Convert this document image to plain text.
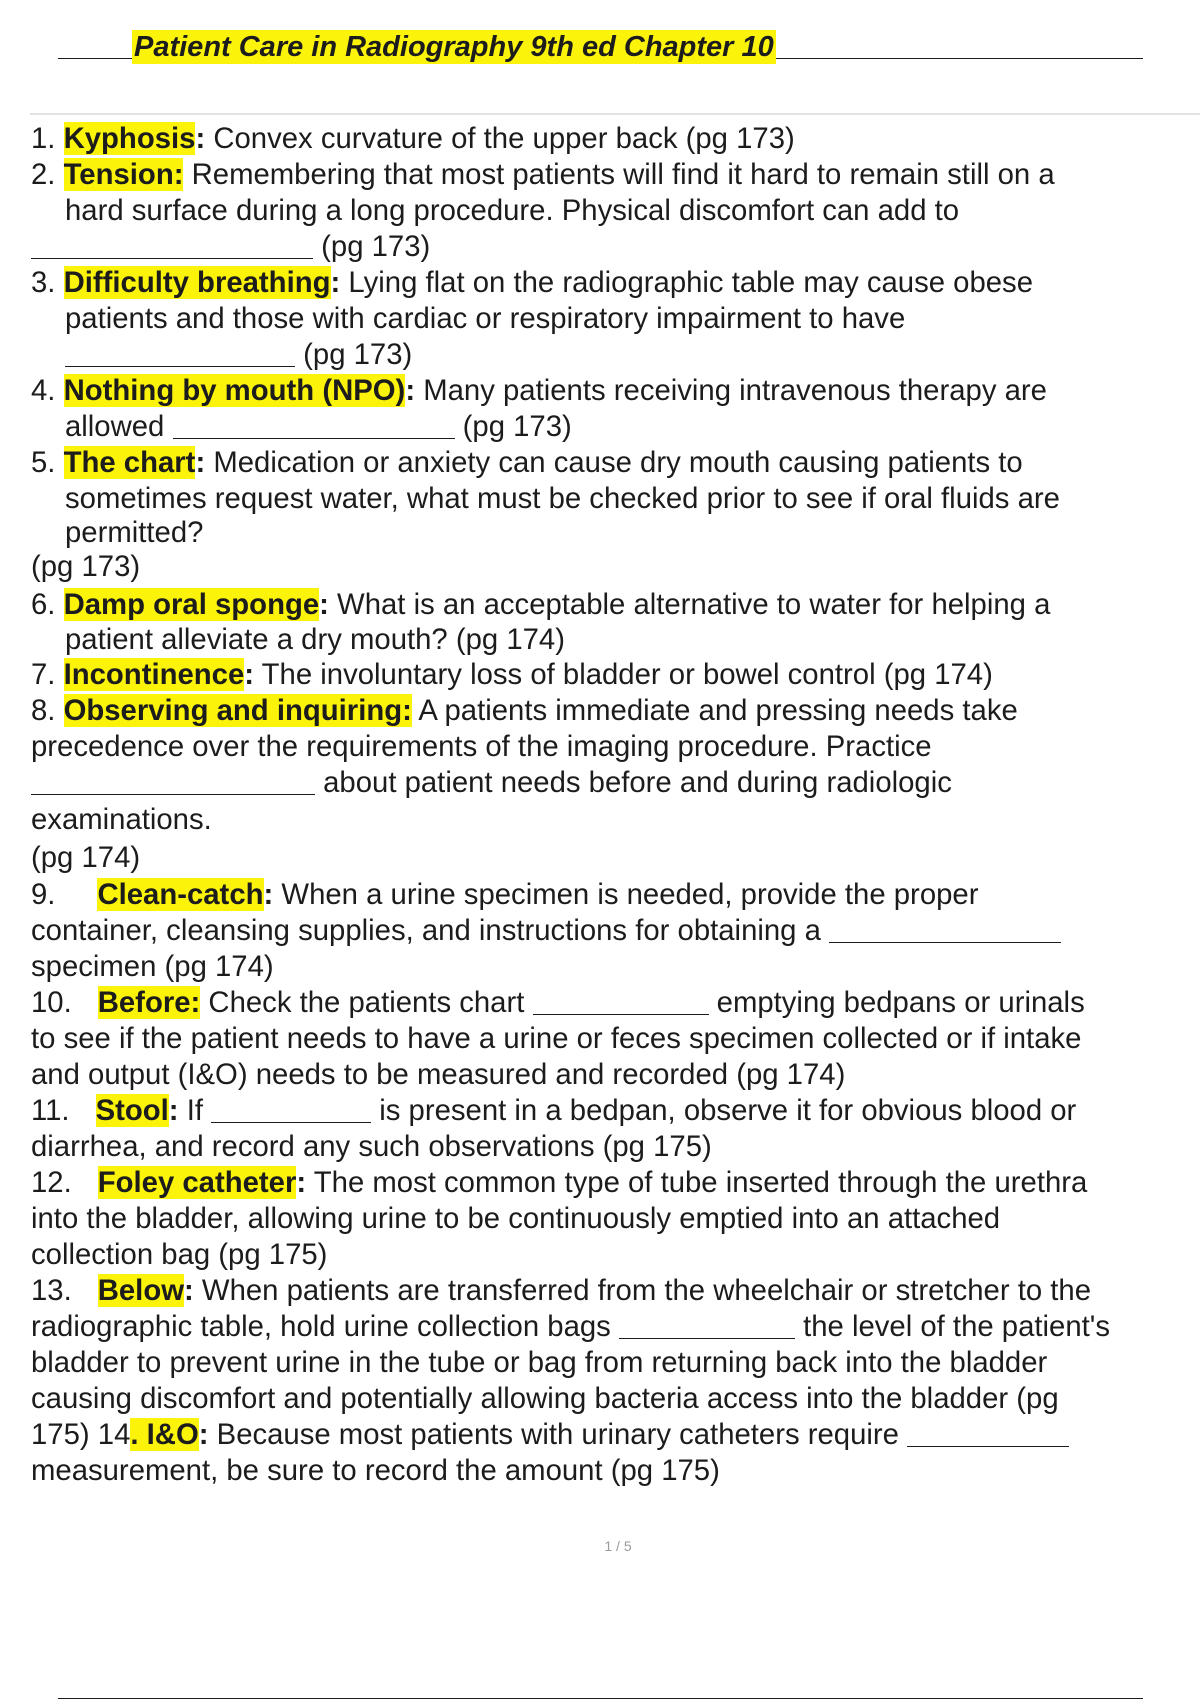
Patient Care in Radiography 9th ed Chapter 10

1. Kyphosis: Convex curvature of the upper back (pg 173)

2. Tension: Remembering that most patients will find it hard to remain still on a

hard surface during a long procedure. Physical discomfort can add to

(pg 173)

3. Difficulty breathing: Lying flat on the radiographic table may cause obese

patients and those with cardiac or respiratory impairment to have

(pg 173)

4. Nothing by mouth (NPO): Many patients receiving intravenous therapy are

allowed	(pg 173)

5. The chart: Medication or anxiety can cause dry mouth causing patients to

sometimes request water, what must be checked prior to see if oral fluids are

permitted?

(pg 173)

6. Damp oral sponge: What is an acceptable alternative to water for helping a

patient alleviate a dry mouth? (pg 174)

7. Incontinence: The involuntary loss of bladder or bowel control (pg 174)

8. Observing and inquiring: A patients immediate and pressing needs take

precedence over the requirements of the imaging procedure. Practice

about patient needs before and during radiologic

examinations.

(pg 174)

9. Clean-catch: When a urine specimen is needed, provide the proper

container, cleansing supplies, and instructions for obtaining a

specimen (pg 174)

10. Before: Check the patients chart	emptying bedpans or urinals

to see if the patient needs to have a urine or feces specimen collected or if intake

and output (I&O) needs to be measured and recorded (pg 174)

11. Stool: If	is present in a bedpan, observe it for obvious blood or

diarrhea, and record any such observations (pg 175)

12. Foley catheter: The most common type of tube inserted through the urethra

into the bladder, allowing urine to be continuously emptied into an attached

collection bag (pg 175)

13. Below: When patients are transferred from the wheelchair or stretcher to the

radiographic table, hold urine collection bags	the level of the patient's

bladder to prevent urine in the tube or bag from returning back into the bladder

causing discomfort and potentially allowing bacteria access into the bladder (pg

175) 14. I&O: Because most patients with urinary catheters require

measurement, be sure to record the amount (pg 175)

1 / 5
